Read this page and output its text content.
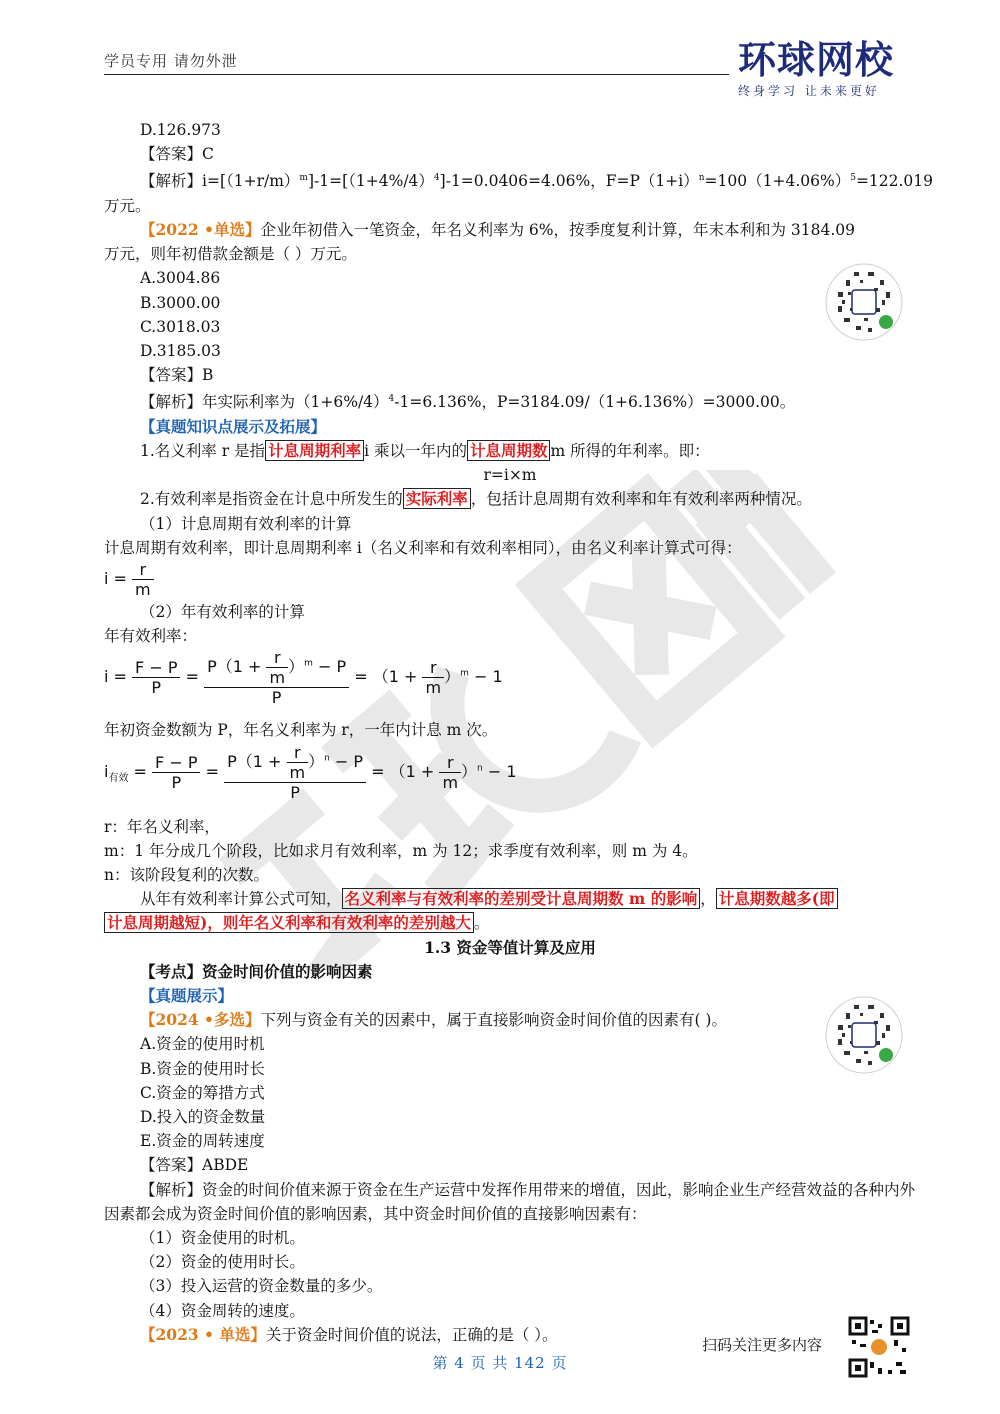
学员专用 请勿外泄	环球网校
终身学习 让未来更好
D.126.973
【答案】C
【解析】$i=[(1+r/m)^m]-1=[(1+4\%/4)^4]-1=0.0406=4.06\%$，$F=P(1+i)^n=100(1+4.06\%)^5=122.019$
万元。
【2022 •单选】企业年初借入一笔资金，年名义利率为 6%，按季度复利计算，年末本利和为 3184.09
万元，则年初借款金额是（ ）万元。
A.3004.86
B.3000.00
C.3018.03
D.3185.03
【答案】B
【解析】年实际利率为$(1+6\%/4)^4-1=6.136\%$，P=3184.09/（1+6.136%）=3000.00。
【真题知识点展示及拓展】
1.名义利率 r 是指 计息周期利率 i 乘以一年内的 计息周期数 m 所得的年利率。即：
r=i×m
2.有效利率是指资金在计息中所发生的 实际利率 ，包括计息周期有效利率和年有效利率两种情况。
（1）计息周期有效利率的计算
计息周期有效利率，即计息周期利率 i（名义利率和有效利率相同），由名义利率计算式可得：
$i = \frac{r}{m}$
（2）年有效利率的计算
年有效利率：
$i = \frac{F - P}{P} = \frac{P(1 + \frac{r}{m} )^m - P}{P} = (1 + \frac{r}{m} )^m - 1$
年初资金数额为 P，年名义利率为 r，一年内计息 m 次。
$i_{有效} = \frac{F - P}{P} = \frac{P(1 + \frac{r}{m} )^n - P}{P} = (1 + \frac{r}{m} )^n - 1$
r：年名义利率，
m：1 年分成几个阶段，比如求月有效利率，m 为 12；求季度有效利率，则 m 为 4。
n：该阶段复利的次数。
从年有效利率计算公式可知， 名义利率与有效利率的差别受计息周期数 m 的影响 ， 计息期数越多(即
计息周期越短)，则年名义利率和有效利率的差别越大 。
1.3 资金等值计算及应用
【考点】资金时间价值的影响因素
【真题展示】
【2024 •多选】下列与资金有关的因素中，属于直接影响资金时间价值的因素有( )。
A.资金的使用时机
B.资金的使用时长
C.资金的筹措方式
D.投入的资金数量
E.资金的周转速度
【答案】ABDE
【解析】资金的时间价值来源于资金在生产运营中发挥作用带来的增值，因此，影响企业生产经营效益的各种内外因素都会成为资金时间价值的影响因素，其中资金时间价值的直接影响因素有：
（1）资金使用的时机。
（2）资金的使用时长。
（3）投入运营的资金数量的多少。
（4）资金周转的速度。
【2023 • 单选】关于资金时间价值的说法，正确的是（ ）。
扫码关注更多内容
第 4 页 共 142 页
